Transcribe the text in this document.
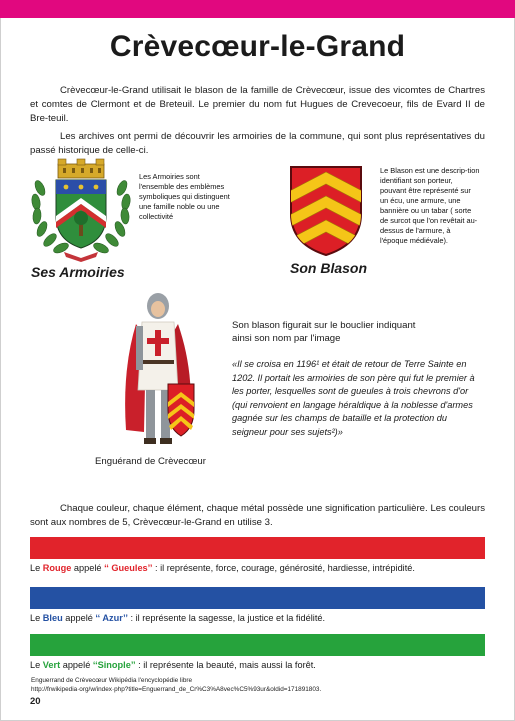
Crèvecœur-le-Grand
Crèvecœur-le-Grand utilisait le blason de la famille de Crèvecœur, issue des vicomtes de Chartres et comtes de Clermont et de Breteuil. Le premier du nom fut Hugues de Crevecoeur, fils de Evard II de Bre-teuil.
Les archives ont permi de découvrir les armoiries de la commune, qui sont plus représentatives du passé historique de celle-ci.
Les Armoiries sont l'ensemble des emblèmes symboliques qui distinguent une famille noble ou une collectivité
Ses Armoiries
Le Blason est une descrip-tion identifiant son porteur, pouvant être représenté sur un écu, une armure, une bannière ou un tabar ( sorte de surcot que l'on revêtait au-dessus de l'armure, à l'époque médiévale).
Son Blason
Enguérand de Crèvecœur
Son blason figurait sur le bouclier indiquant ainsi son nom par l'image
«Il se croisa en 1196¹ et était de retour de Terre Sainte en 1202. Il portait les armoiries de son père qui fut le premier à les porter, lesquelles sont de gueules à trois chevrons d'or (qui renvoient en langage héraldique à la noblesse d'armes gagnée sur les champs de bataille et la protection du seigneur pour ses sujets²)»
Chaque couleur, chaque élément, chaque métal possède une signification particulière. Les couleurs sont aux nombres de 5, Crèvecœur-le-Grand en utilise 3.
Le Rouge appelé ‘‘ Gueules’’ : il représente, force, courage, générosité, hardiesse, intrépidité.
Le Bleu appelé ‘‘ Azur’’ : il représente la sagesse, la justice et la fidélité.
Le Vert appelé ‘‘Sinople’’ : il représente la beauté, mais aussi la forêt.
Enguerrand de Crèvecœur Wikipédia l'encyclopédie libre
http://frwikipedia·org/w/index·php?title=Enguerrand_de_Cr%C3%A8vec%C5%93ur&oldid=171891803.
20
